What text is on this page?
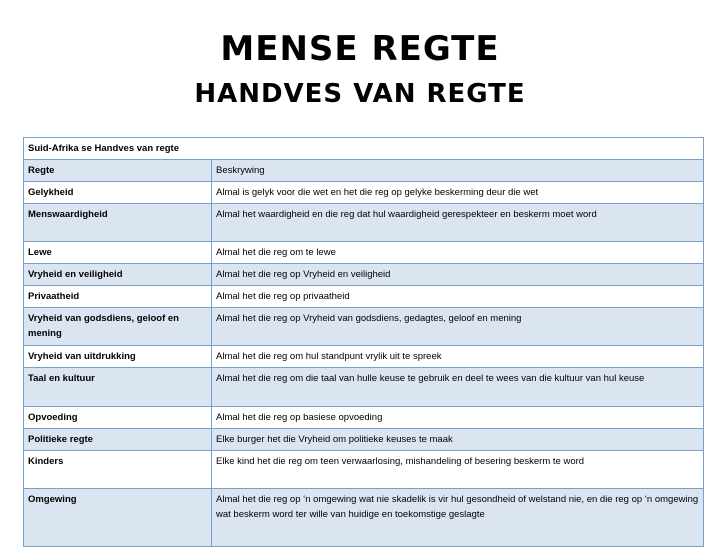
MENSE REGTE
HANDVES VAN REGTE
Suid-Afrika se Handves van regte	
Regte	Beskrywing
Gelykheid	Almal is gelyk voor die wet en het die reg op gelyke beskerming deur die wet
Menswaardigheid	Almal het waardigheid en die reg dat hul waardigheid gerespekteer en beskerm moet word
Lewe	Almal het die reg om te lewe
Vryheid en veiligheid	Almal het die reg op Vryheid en veiligheid
Privaatheid	Almal het die reg op privaatheid
Vryheid van godsdiens, geloof en mening	Almal het die reg op Vryheid van godsdiens, gedagtes, geloof en mening
Vryheid van uitdrukking	Almal het die reg om hul standpunt vrylik uit te spreek
Taal en kultuur	Almal het die reg om die taal van hulle keuse te gebruik en deel te wees van die kultuur van hul keuse
Opvoeding	Almal het die reg op basiese opvoeding
Politieke regte	Elke burger het die Vryheid om politieke keuses te maak
Kinders	Elke kind het die reg om teen verwaarlosing, mishandeling of besering beskerm te word
Omgewing	Almal het die reg op ‘n omgewing wat nie skadelik is vir hul gesondheid of welstand nie, en die reg op ‘n omgewing wat beskerm word ter wille van huidige en toekomstige geslagte
